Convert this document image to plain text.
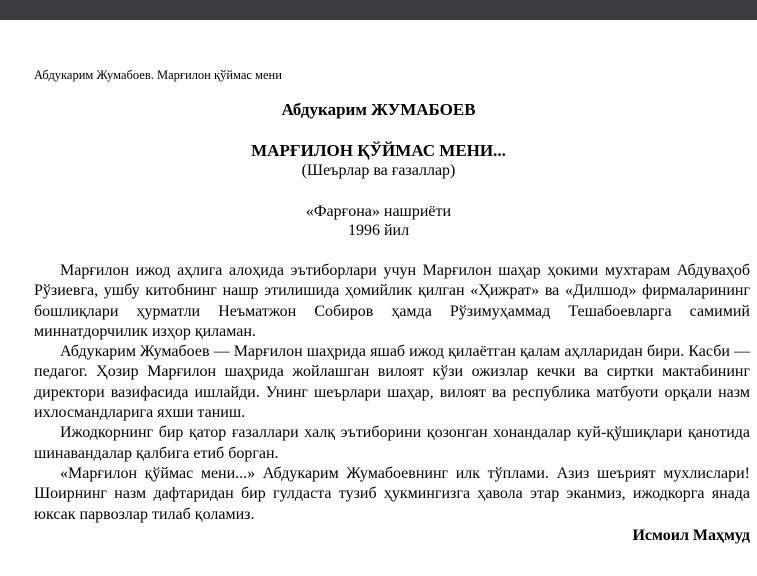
Абдукарим Жумабоев. Марғилон қўймас мени
Абдукарим ЖУМАБОЕВ
МАРҒИЛОН ҚЎЙМАС МЕНИ...
(Шеърлар ва ғазаллар)
«Фарғона» нашриёти
1996 йил

Марғилон ижод аҳлига алоҳида эътиборлари учун Марғилон шаҳар ҳокими мухтарам Абдуваҳоб Рўзиевга, ушбу китобнинг нашр этилишида ҳомийлик қилган «Ҳижрат» ва «Дилшод» фирмаларининг бошлиқлари ҳурматли Неъматжон Собиров ҳамда Рўзимуҳаммад Тешабоевларга самимий миннатдорчилик изҳор қиламан.

Абдукарим Жумабоев — Марғилон шаҳрида яшаб ижод қилаётган қалам аҳлларидан бири. Касби — педагог. Ҳозир Марғилон шаҳрида жойлашган вилоят кўзи ожизлар кечки ва сиртки мактабининг директори вазифасида ишлайди. Унинг шеърлари шаҳар, вилоят ва республика матбуоти орқали назм ихлосмандларига яхши таниш.

Ижодкорнинг бир қатор ғазаллари халқ эътиборини қозонган хонандалар куй-қўшиқлари қанотида шинавандалар қалбига етиб борган.

«Марғилон қўймас мени...» Абдукарим Жумабоевнинг илк тўплами. Азиз шеърият мухлислари! Шоирнинг назм дафтаридан бир гулдаста тузиб ҳукмингизга ҳавола этар эканмиз, ижодкорга янада юксак парвозлар тилаб қоламиз.

Исмоил Маҳмуд
